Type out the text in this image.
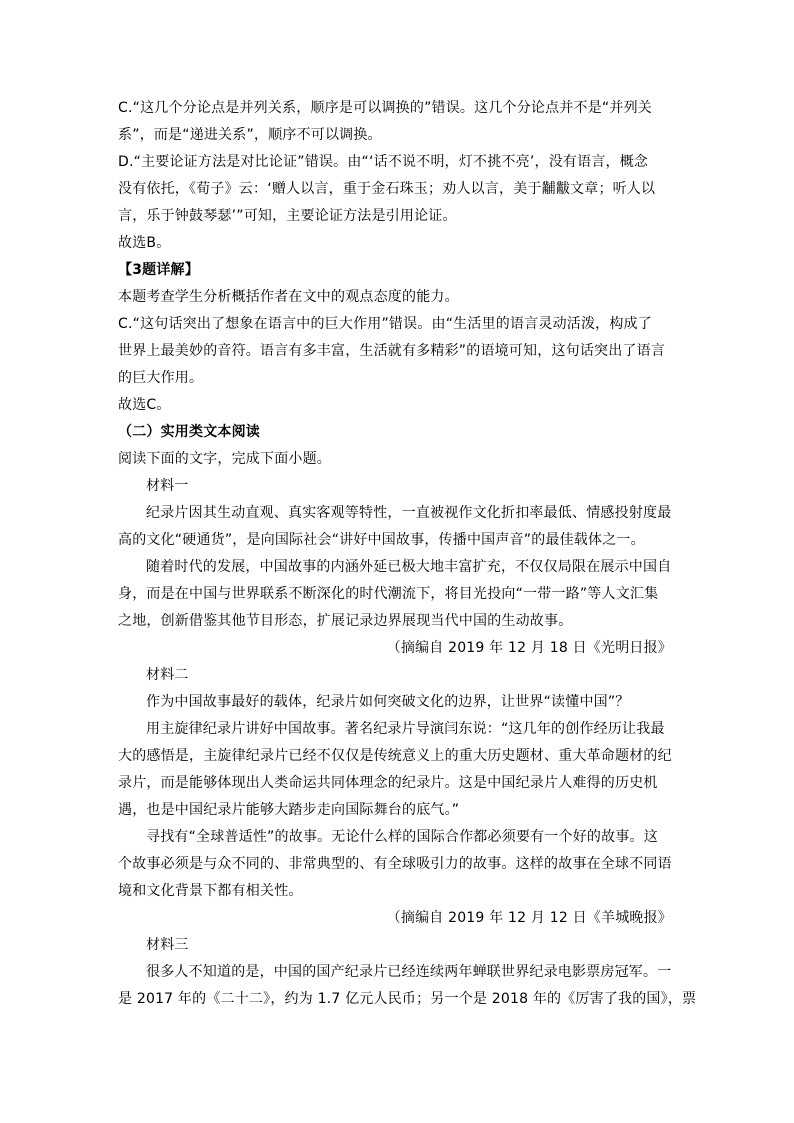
C.“这几个分论点是并列关系，顺序是可以调换的”错误。这几个分论点并不是“并列关
系”，而是“递进关系”，顺序不可以调换。
D.“主要论证方法是对比论证”错误。由“‘话不说不明，灯不挑不亮’，没有语言，概念
没有依托，《荀子》云：‘赠人以言，重于金石珠玉；劝人以言，美于黼黻文章；听人以
言，乐于钟鼓琴瑟’”可知，主要论证方法是引用论证。
故选B。
【3题详解】
本题考查学生分析概括作者在文中的观点态度的能力。
C.“这句话突出了想象在语言中的巨大作用”错误。由“生活里的语言灵动活泼，构成了
世界上最美妙的音符。语言有多丰富，生活就有多精彩”的语境可知，这句话突出了语言
的巨大作用。
故选C。
（二）实用类文本阅读
阅读下面的文字，完成下面小题。
材料一
纪录片因其生动直观、真实客观等特性，一直被视作文化折扣率最低、情感投射度最
高的文化“硬通货”，是向国际社会“讲好中国故事，传播中国声音”的最佳载体之一。
随着时代的发展，中国故事的内涵外延已极大地丰富扩充，不仅仅局限在展示中国自
身，而是在中国与世界联系不断深化的时代潮流下，将目光投向“一带一路”等人文汇集
之地，创新借鉴其他节目形态，扩展记录边界展现当代中国的生动故事。
（摘编自 2019 年 12 月 18 日《光明日报》
材料二
作为中国故事最好的载体，纪录片如何突破文化的边界，让世界“读懂中国”？
用主旋律纪录片讲好中国故事。著名纪录片导演闫东说：“这几年的创作经历让我最
大的感悟是，主旋律纪录片已经不仅仅是传统意义上的重大历史题材、重大革命题材的纪
录片，而是能够体现出人类命运共同体理念的纪录片。这是中国纪录片人难得的历史机
遇，也是中国纪录片能够大踏步走向国际舞台的底气。”
寻找有“全球普适性”的故事。无论什么样的国际合作都必须要有一个好的故事。这
个故事必须是与众不同的、非常典型的、有全球吸引力的故事。这样的故事在全球不同语
境和文化背景下都有相关性。
（摘编自 2019 年 12 月 12 日《羊城晚报》
材料三
很多人不知道的是，中国的国产纪录片已经连续两年蝉联世界纪录电影票房冠军。一
是 2017 年的《二十二》，约为 1.7 亿元人民币；另一个是 2018 年的《厉害了我的国》，票
